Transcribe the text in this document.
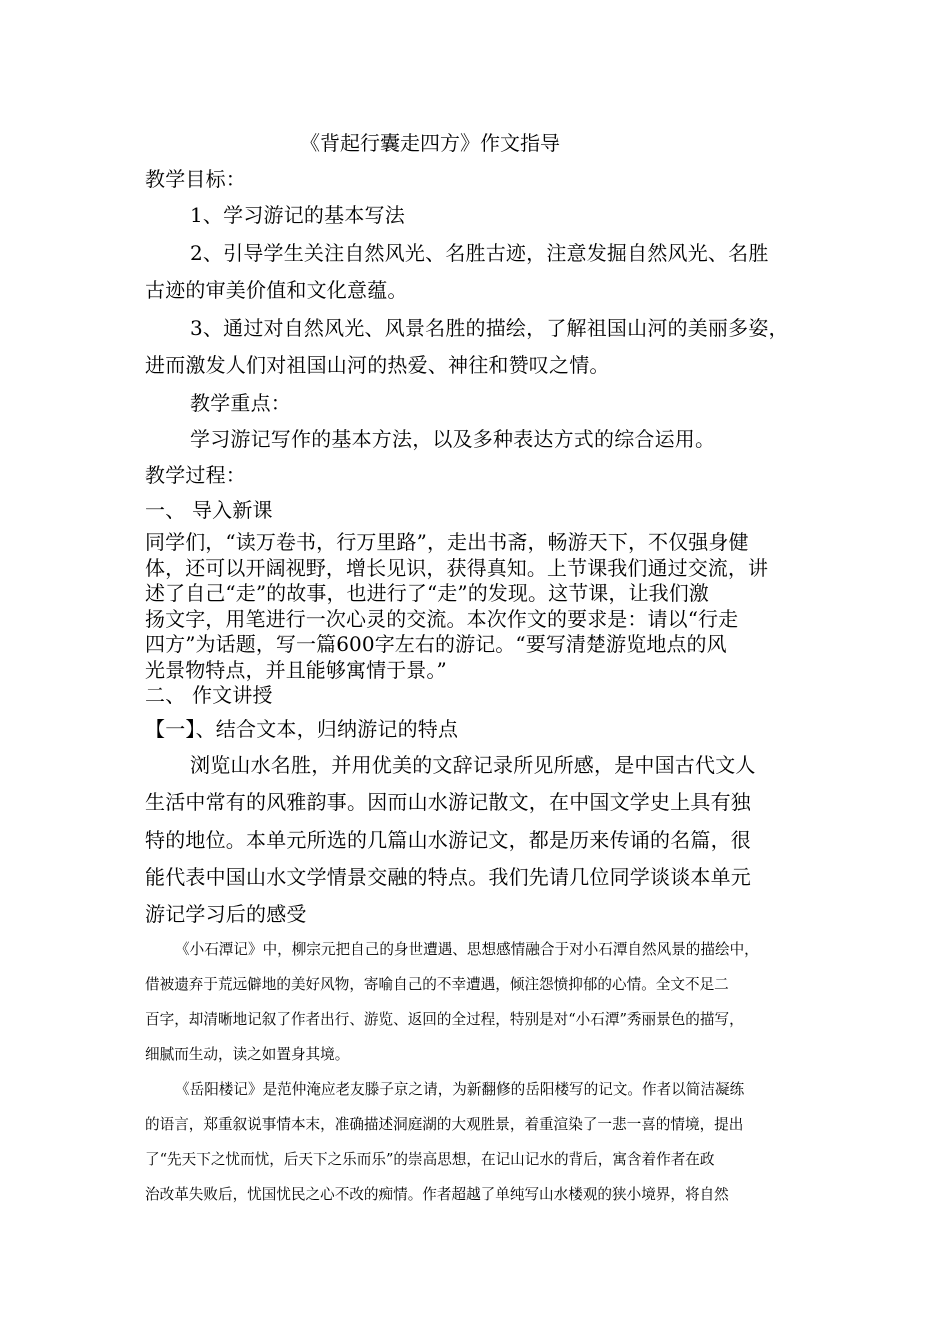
《背起行囊走四方》作文指导

教学目标：

1、学习游记的基本写法

2、引导学生关注自然风光、名胜古迹，注意发掘自然风光、名胜

古迹的审美价值和文化意蕴。

3、通过对自然风光、风景名胜的描绘，了解祖国山河的美丽多姿，

进而激发人们对祖国山河的热爱、神往和赞叹之情。

教学重点：

学习游记写作的基本方法，以及多种表达方式的综合运用。

教学过程：

一、 导入新课

同学们，“读万卷书，行万里路”，走出书斋，畅游天下，不仅强身健

体，还可以开阔视野，增长见识，获得真知。上节课我们通过交流，讲

述了自己“走”的故事，也进行了“走”的发现。这节课，让我们激

扬文字，用笔进行一次心灵的交流。本次作文的要求是：请以“行走

四方”为话题，写一篇600字左右的游记。“要写清楚游览地点的风

光景物特点，并且能够寓情于景。”

二、 作文讲授

【一】、结合文本，归纳游记的特点

浏览山水名胜，并用优美的文辞记录所见所感，是中国古代文人

生活中常有的风雅韵事。因而山水游记散文，在中国文学史上具有独

特的地位。本单元所选的几篇山水游记文，都是历来传诵的名篇，很

能代表中国山水文学情景交融的特点。我们先请几位同学谈谈本单元

游记学习后的感受

《小石潭记》中，柳宗元把自己的身世遭遇、思想感情融合于对小石潭自然风景的描绘中，

借被遗弃于荒远僻地的美好风物，寄喻自己的不幸遭遇，倾注怨愤抑郁的心情。全文不足二

百字，却清晰地记叙了作者出行、游览、返回的全过程，特别是对“小石潭”秀丽景色的描写，

细腻而生动，读之如置身其境。

《岳阳楼记》是范仲淹应老友滕子京之请，为新翻修的岳阳楼写的记文。作者以简洁凝练

的语言，郑重叙说事情本末，准确描述洞庭湖的大观胜景，着重渲染了一悲一喜的情境，提出

了“先天下之忧而忧，后天下之乐而乐”的崇高思想，在记山记水的背后，寓含着作者在政

治改革失败后，忧国忧民之心不改的痴情。作者超越了单纯写山水楼观的狭小境界，将自然
